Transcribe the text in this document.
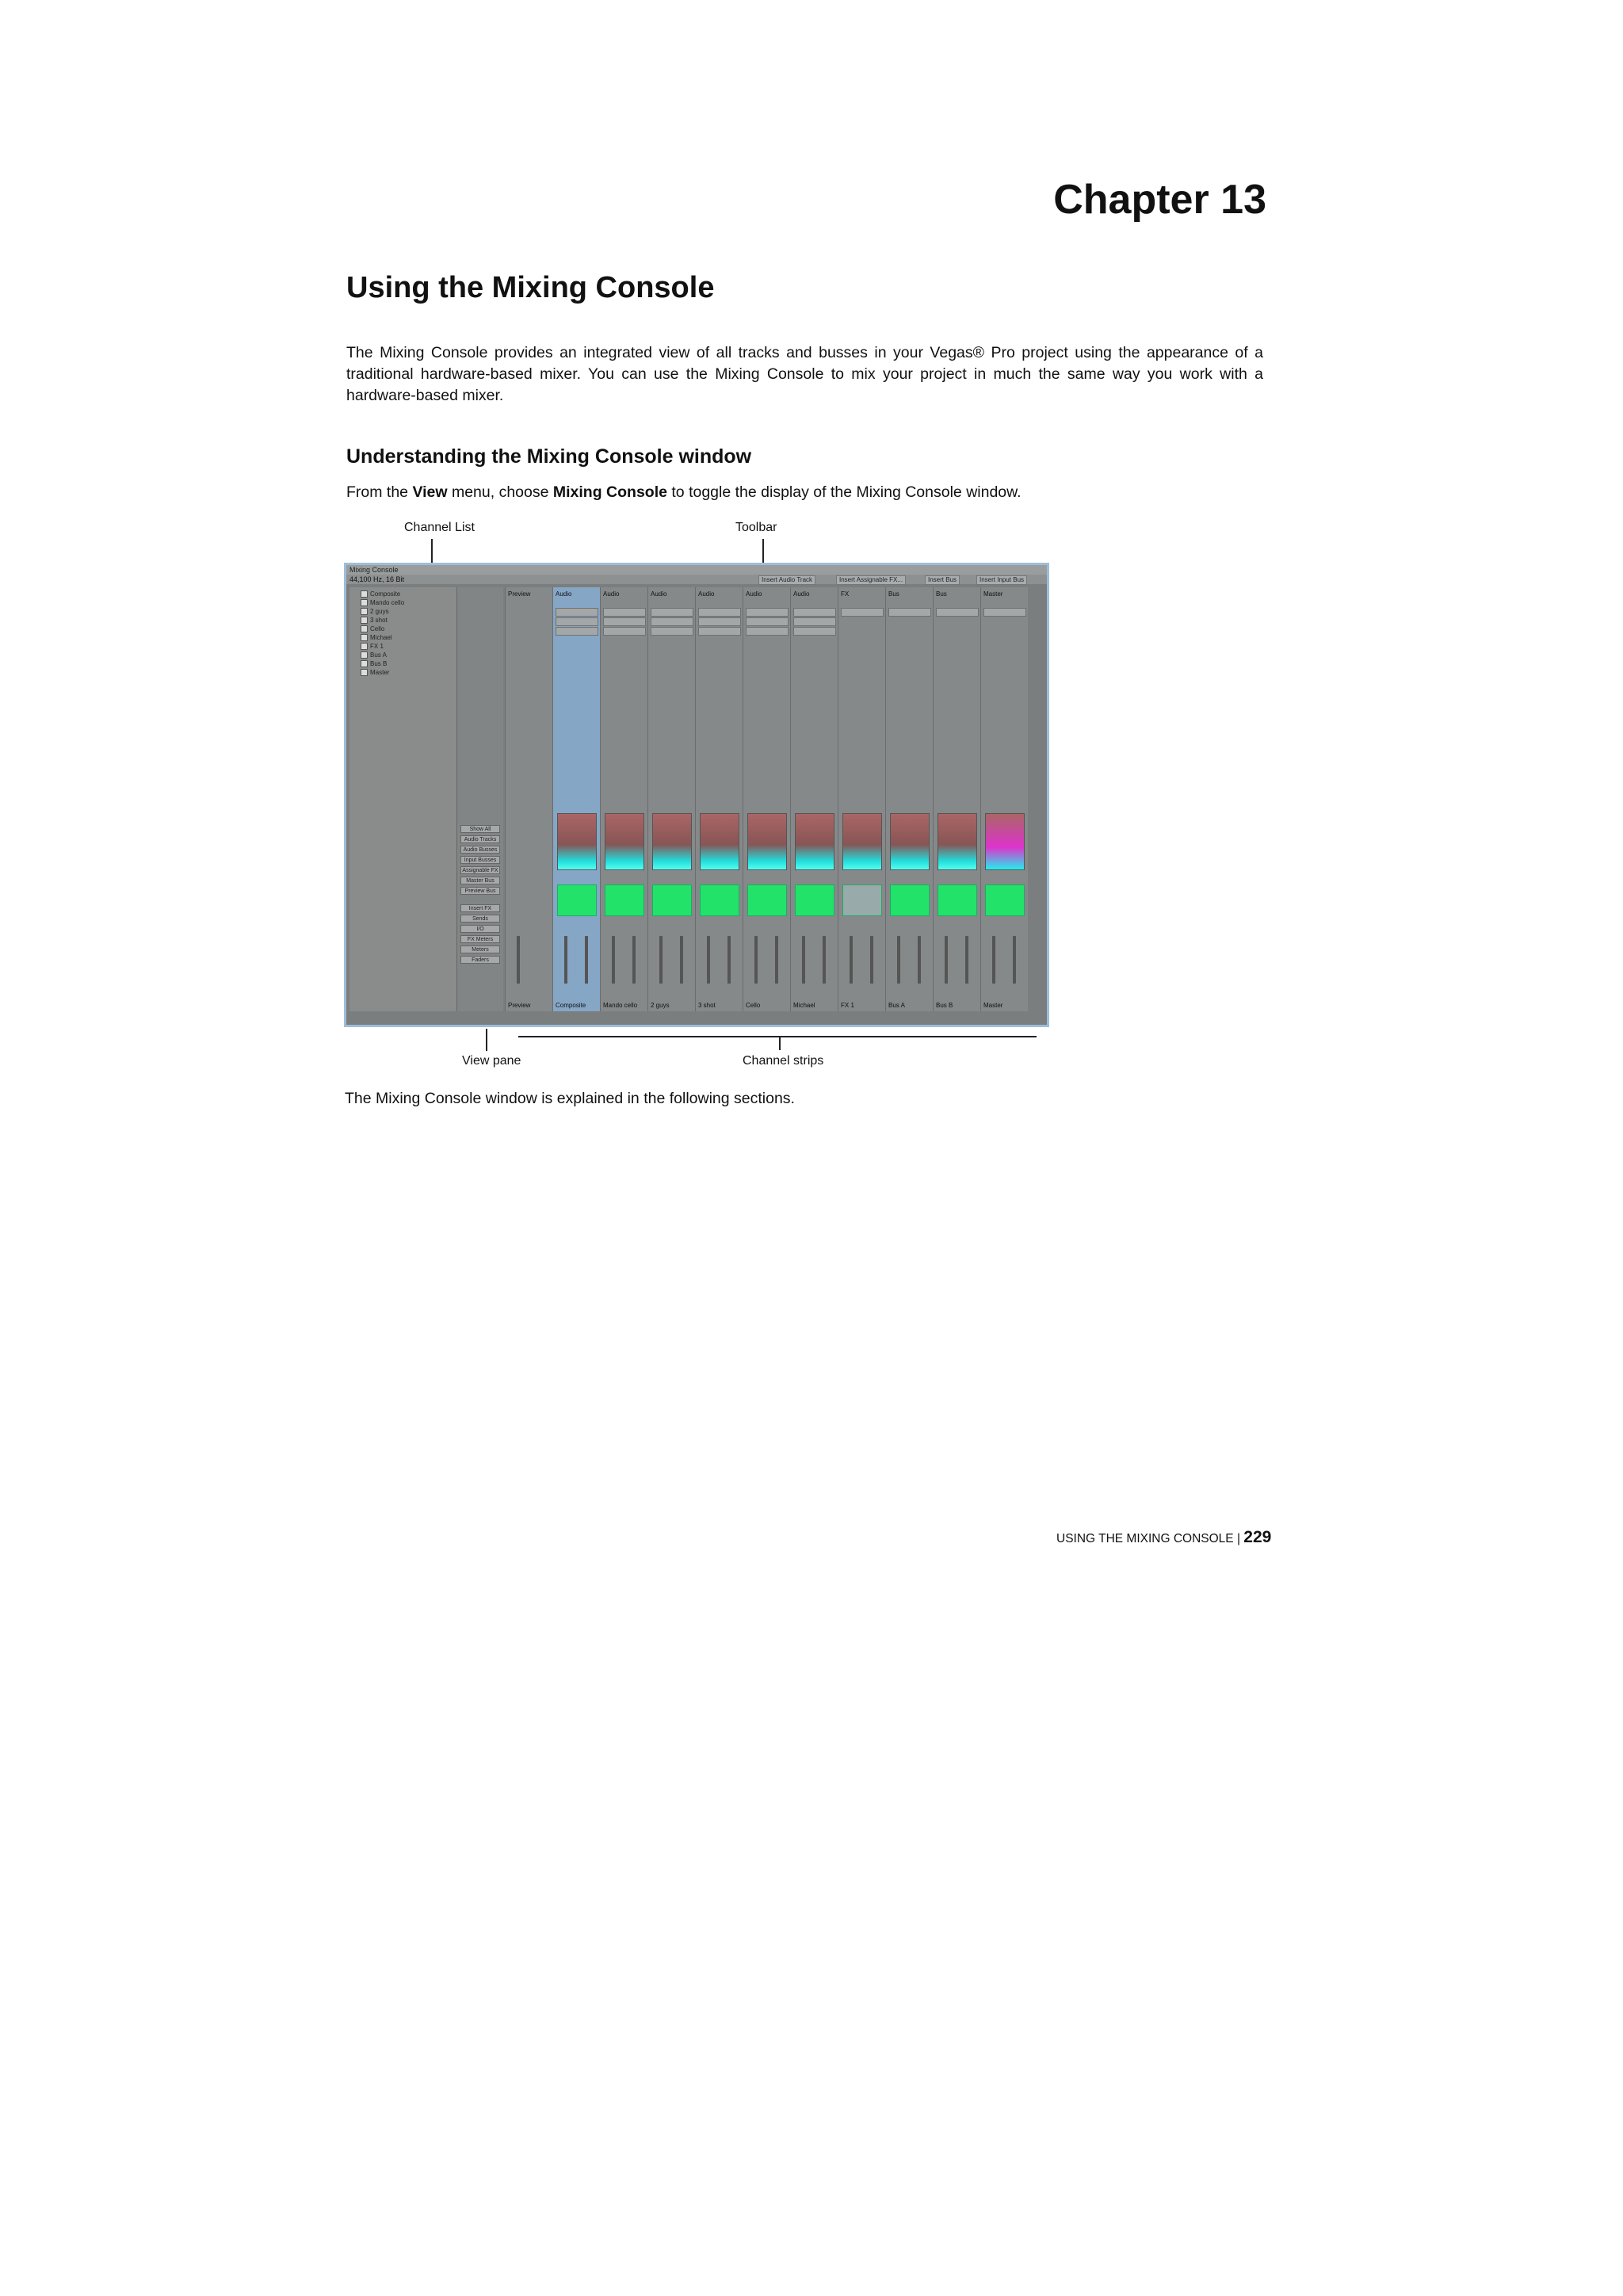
Chapter 13
Using the Mixing Console
The Mixing Console provides an integrated view of all tracks and busses in your Vegas® Pro project using the appearance of a traditional hardware-based mixer. You can use the Mixing Console to mix your project in much the same way you work with a hardware-based mixer.
Understanding the Mixing Console window
From the View menu, choose Mixing Console to toggle the display of the Mixing Console window.
Channel List	Toolbar
Mixing Console
44,100 Hz, 16 Bit	Insert Audio Track	Insert Assignable FX...	Insert Bus	Insert Input Bus
Composite
Mando cello
2 guys
3 shot
Cello
Michael
FX 1
Bus A
Bus B
Master
Show All
Audio Tracks
Audio Busses
Input Busses
Assignable FX
Master Bus
Preview Bus
Insert FX
Sends
I/O
FX Meters
Meters
Faders
Preview
Preview
Audio
Composite
Audio
Mando cello
Audio
2 guys
Audio
3 shot
Audio
Cello
Audio
Michael
FX
FX 1
Bus
Bus A
Bus
Bus B
Master
Master
View pane	Channel strips
The Mixing Console window is explained in the following sections.
USING THE MIXING CONSOLE | 229
